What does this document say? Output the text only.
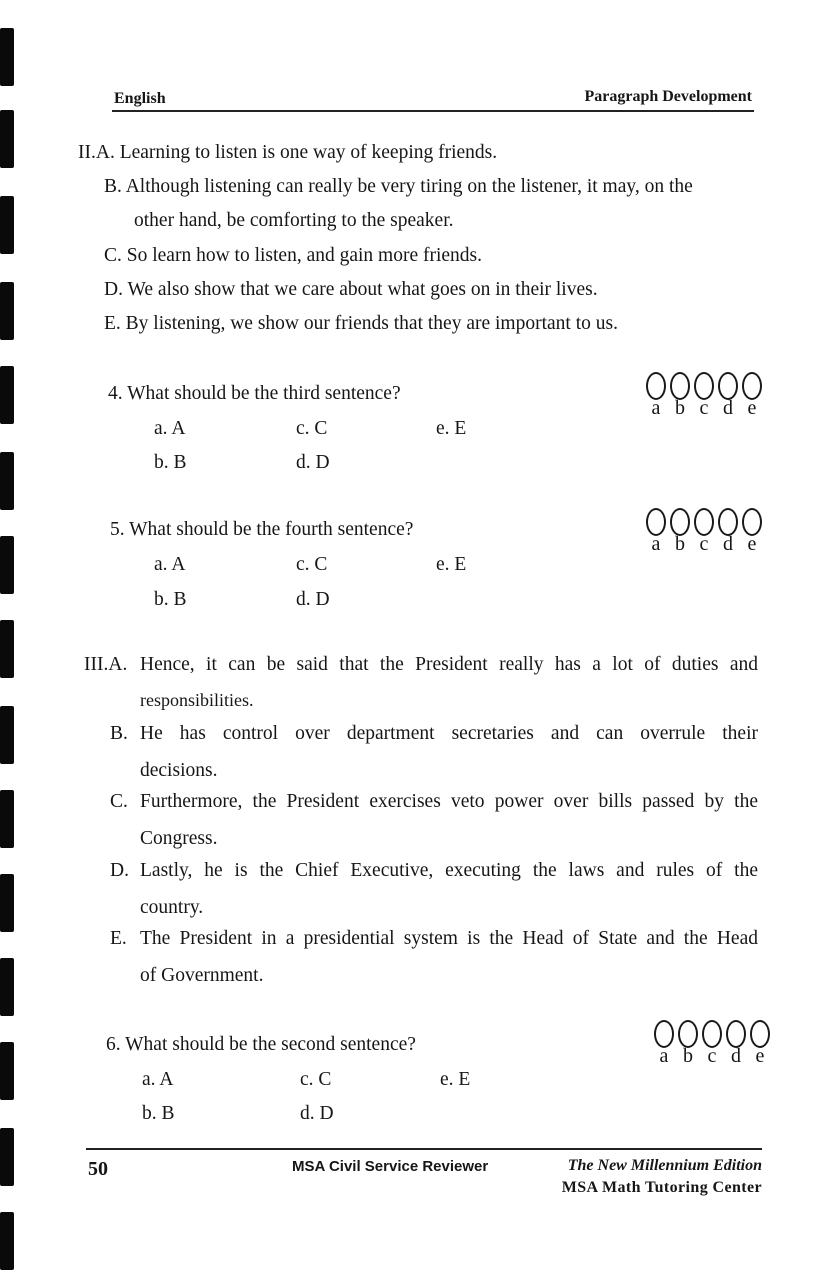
English	Paragraph Development
II.A. Learning to listen is one way of keeping friends.
B. Although listening can really be very tiring on the listener, it may, on the
other hand, be comforting to the speaker.
C. So learn how to listen, and gain more friends.
D. We also show that we care about what goes on in their lives.
E. By listening, we show our friends that they are important to us.
4. What should be the third sentence?
a. A
b. B
c. C
d. D
e. E
a b c d e
5. What should be the fourth sentence?
a. A
b. B
c. C
d. D
e. E
a b c d e
III.A. Hence, it can be said that the President really has a lot of duties and
responsibilities.
B. He has control over department secretaries and can overrule their
decisions.
C. Furthermore, the President exercises veto power over bills passed by the
Congress.
D. Lastly, he is the Chief Executive, executing the laws and rules of the
country.
E. The President in a presidential system is the Head of State and the Head
of Government.
6. What should be the second sentence?
a. A
b. B
c. C
d. D
e. E
a b c d e
50	MSA Civil Service Reviewer	The New Millennium Edition
MSA Math Tutoring Center
